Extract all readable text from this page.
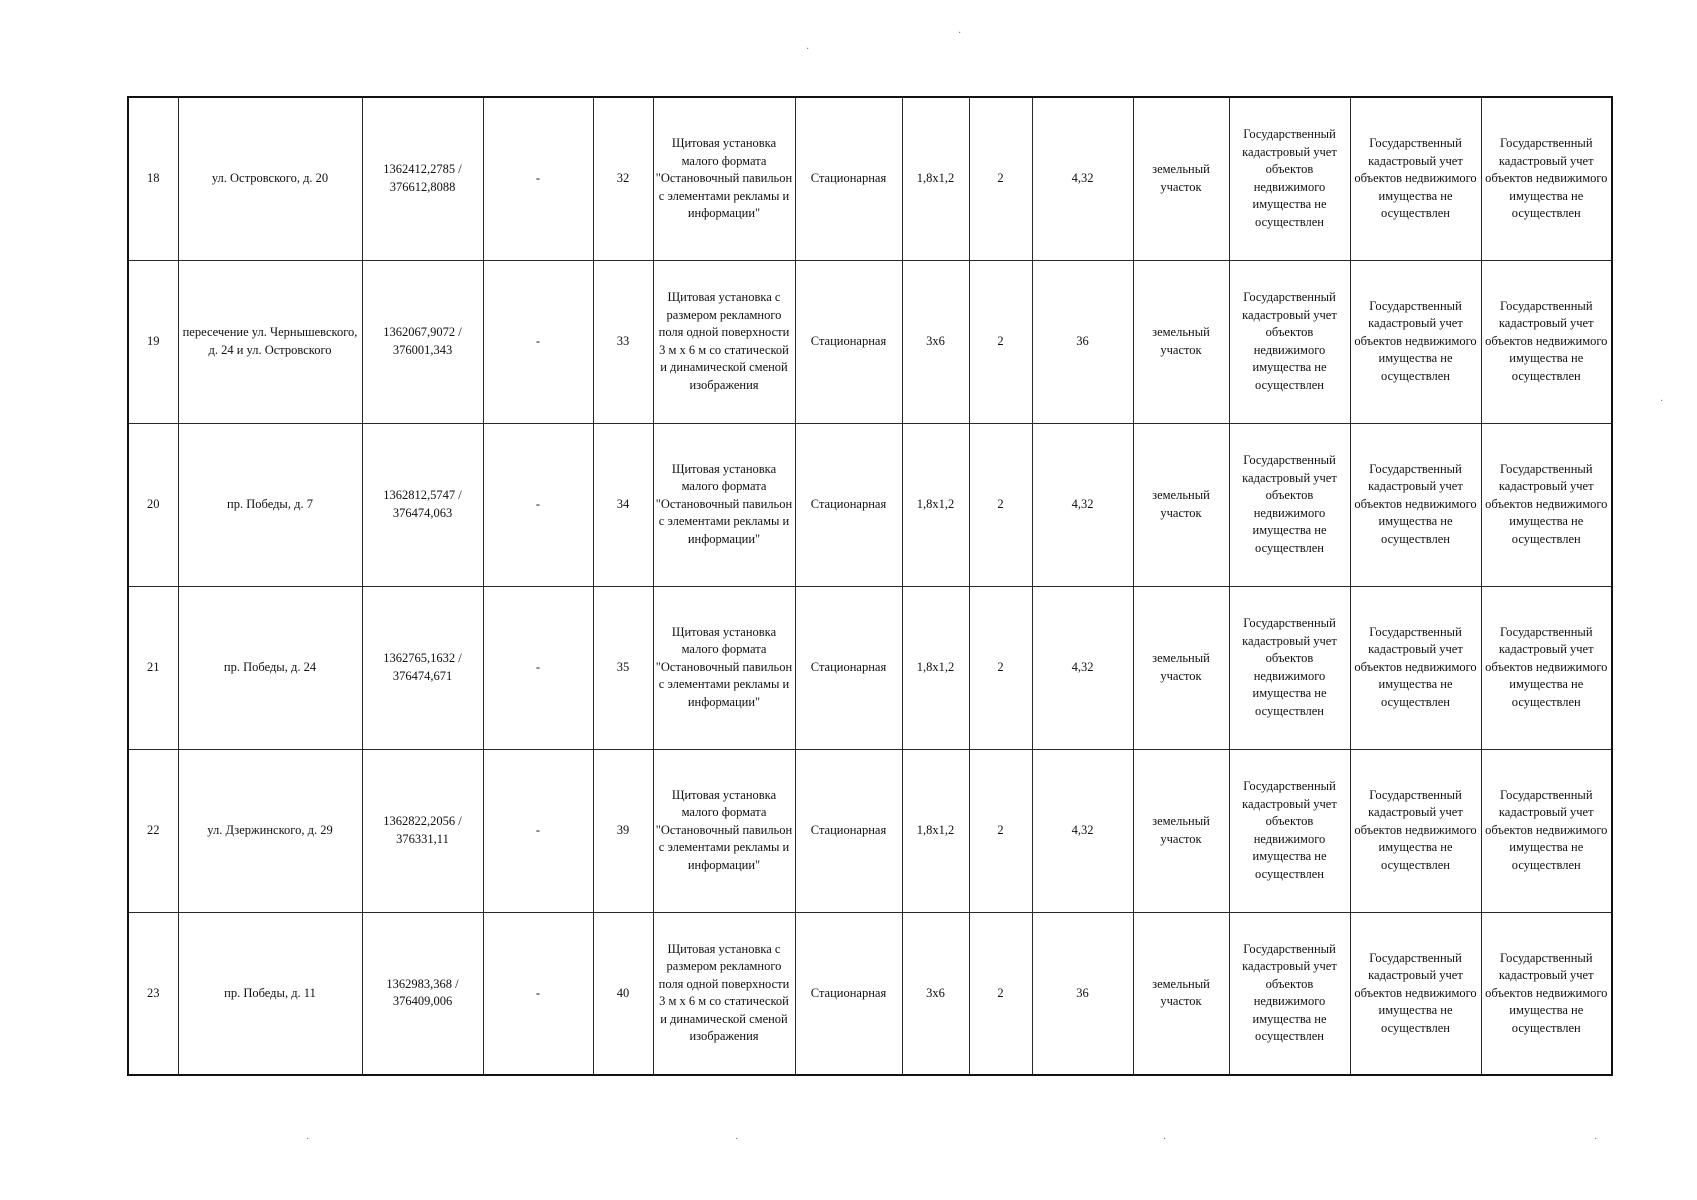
·
·
·
·	·	·	·
18	ул. Островского, д. 20	1362412,2785 / 376612,8088	-	32	Щитовая установка малого формата "Остановочный павильон с элементами рекламы и информации"	Стационарная	1,8х1,2	2	4,32	земельный участок	Государственный кадастровый учет объектов недвижимого имущества не осуществлен	Государственный кадастровый учет объектов недвижимого имущества не осуществлен	Государственный кадастровый учет объектов недвижимого имущества не осуществлен
19	пересечение ул. Чернышевского, д. 24 и ул. Островского	1362067,9072 / 376001,343	-	33	Щитовая установка с размером рекламного поля одной поверхности 3 м х 6 м со статической и динамической сменой изображения	Стационарная	3х6	2	36	земельный участок	Государственный кадастровый учет объектов недвижимого имущества не осуществлен	Государственный кадастровый учет объектов недвижимого имущества не осуществлен	Государственный кадастровый учет объектов недвижимого имущества не осуществлен
20	пр. Победы, д. 7	1362812,5747 / 376474,063	-	34	Щитовая установка малого формата "Остановочный павильон с элементами рекламы и информации"	Стационарная	1,8х1,2	2	4,32	земельный участок	Государственный кадастровый учет объектов недвижимого имущества не осуществлен	Государственный кадастровый учет объектов недвижимого имущества не осуществлен	Государственный кадастровый учет объектов недвижимого имущества не осуществлен
21	пр. Победы, д. 24	1362765,1632 / 376474,671	-	35	Щитовая установка малого формата "Остановочный павильон с элементами рекламы и информации"	Стационарная	1,8х1,2	2	4,32	земельный участок	Государственный кадастровый учет объектов недвижимого имущества не осуществлен	Государственный кадастровый учет объектов недвижимого имущества не осуществлен	Государственный кадастровый учет объектов недвижимого имущества не осуществлен
22	ул. Дзержинского, д. 29	1362822,2056 / 376331,11	-	39	Щитовая установка малого формата "Остановочный павильон с элементами рекламы и информации"	Стационарная	1,8х1,2	2	4,32	земельный участок	Государственный кадастровый учет объектов недвижимого имущества не осуществлен	Государственный кадастровый учет объектов недвижимого имущества не осуществлен	Государственный кадастровый учет объектов недвижимого имущества не осуществлен
23	пр. Победы, д. 11	1362983,368 / 376409,006	-	40	Щитовая установка с размером рекламного поля одной поверхности 3 м х 6 м со статической и динамической сменой изображения	Стационарная	3х6	2	36	земельный участок	Государственный кадастровый учет объектов недвижимого имущества не осуществлен	Государственный кадастровый учет объектов недвижимого имущества не осуществлен	Государственный кадастровый учет объектов недвижимого имущества не осуществлен
